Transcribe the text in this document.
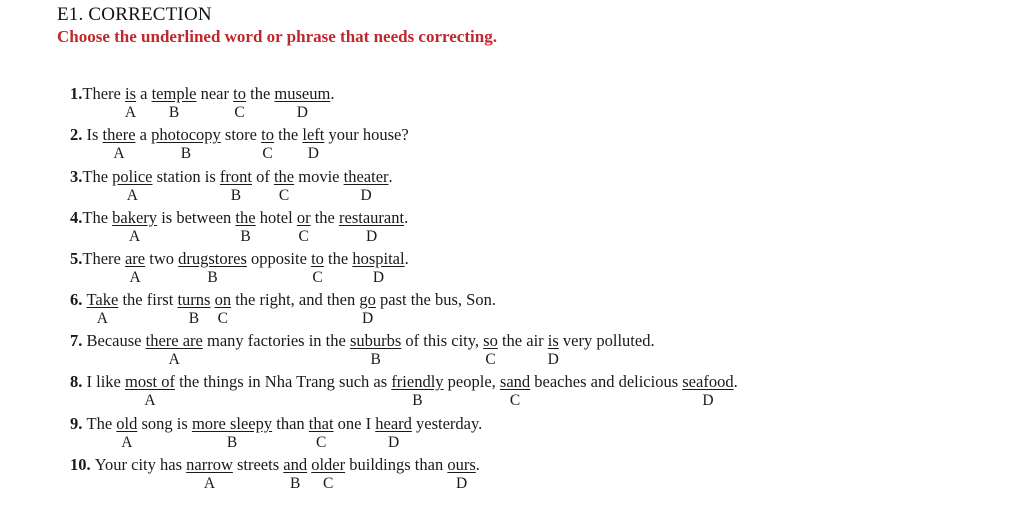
E1. CORRECTION
Choose the underlined word or phrase that needs correcting.
1.There is
A
a temple
B
near to
C
the museum
D
.
2. Is there
A
a photocopy
B
store to
C
the left
D
your house?
3.The police
A
station is front
B
of the
C
movie theater
D
.
4.The bakery
A
is between the
B
hotel or
C
the restaurant
D
.
5.There are
A
two drugstores
B
opposite to
C
the hospital
D
.
6. Take
A
the first turns
B
on
C
the right, and then go
D
past the bus, Son.
7. Because there are
A
many factories in the suburbs
B
of this city, so
C
the air is
D
very polluted.
8. I like most of
A
the things in Nha Trang such as friendly
B
people, sand
C
beaches and delicious seafood
D
.
9. The old
A
song is more sleepy
B
than that
C
one I heard
D
yesterday.
10. Your city has narrow
A
streets and
B
older
C
buildings than ours
D
.
